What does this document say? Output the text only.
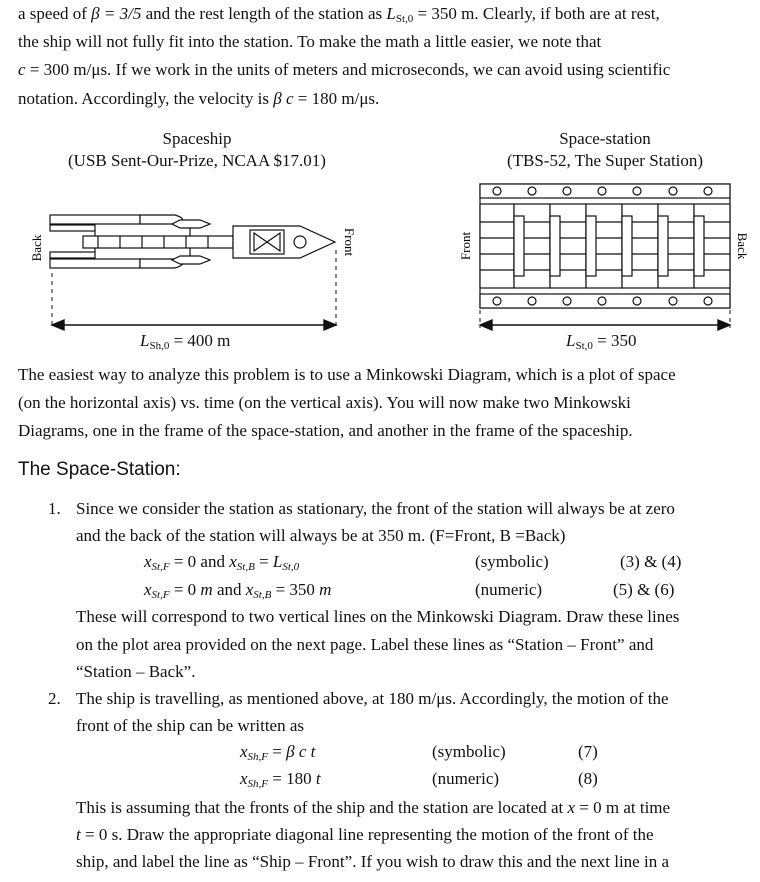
a speed of β = 3/5 and the rest length of the station as $L_{St,0} = 350$ m. Clearly, if both are at rest,
the ship will not fully fit into the station. To make the math a little easier, we note that
c = 300 m/μs. If we work in the units of meters and microseconds, we can avoid using scientific
notation. Accordingly, the velocity is β c = 180 m/μs.
Spaceship
(USB Sent-Our-Prize, NCAA $17.01)
Space-station
(TBS-52, The Super Station)
Back	Front	Front	Back
$L_{Sh,0} = 400$ m	$L_{St,0} = 350$
The easiest way to analyze this problem is to use a Minkowski Diagram, which is a plot of space
(on the horizontal axis) vs. time (on the vertical axis). You will now make two Minkowski
Diagrams, one in the frame of the space-station, and another in the frame of the spaceship.
The Space-Station:
1. Since we consider the station as stationary, the front of the station will always be at zero
and the back of the station will always be at 350 m. (F=Front, B =Back)
$x_{St,F} = 0$ and $x_{St,B} = L_{St,0}$	(symbolic)	(3) & (4)
$x_{St,F} = 0$ m and $x_{St,B} = 350$ m	(numeric)	(5) & (6)
These will correspond to two vertical lines on the Minkowski Diagram. Draw these lines
on the plot area provided on the next page. Label these lines as “Station – Front” and
“Station – Back”.
2. The ship is travelling, as mentioned above, at 180 m/μs. Accordingly, the motion of the
front of the ship can be written as
$x_{Sh,F} = \beta$ c t	(symbolic)	(7)
$x_{Sh,F} = 180$ t	(numeric)	(8)
This is assuming that the fronts of the ship and the station are located at x = 0 m at time
t = 0 s. Draw the appropriate diagonal line representing the motion of the front of the
ship, and label the line as “Ship – Front”. If you wish to draw this and the next line in a
